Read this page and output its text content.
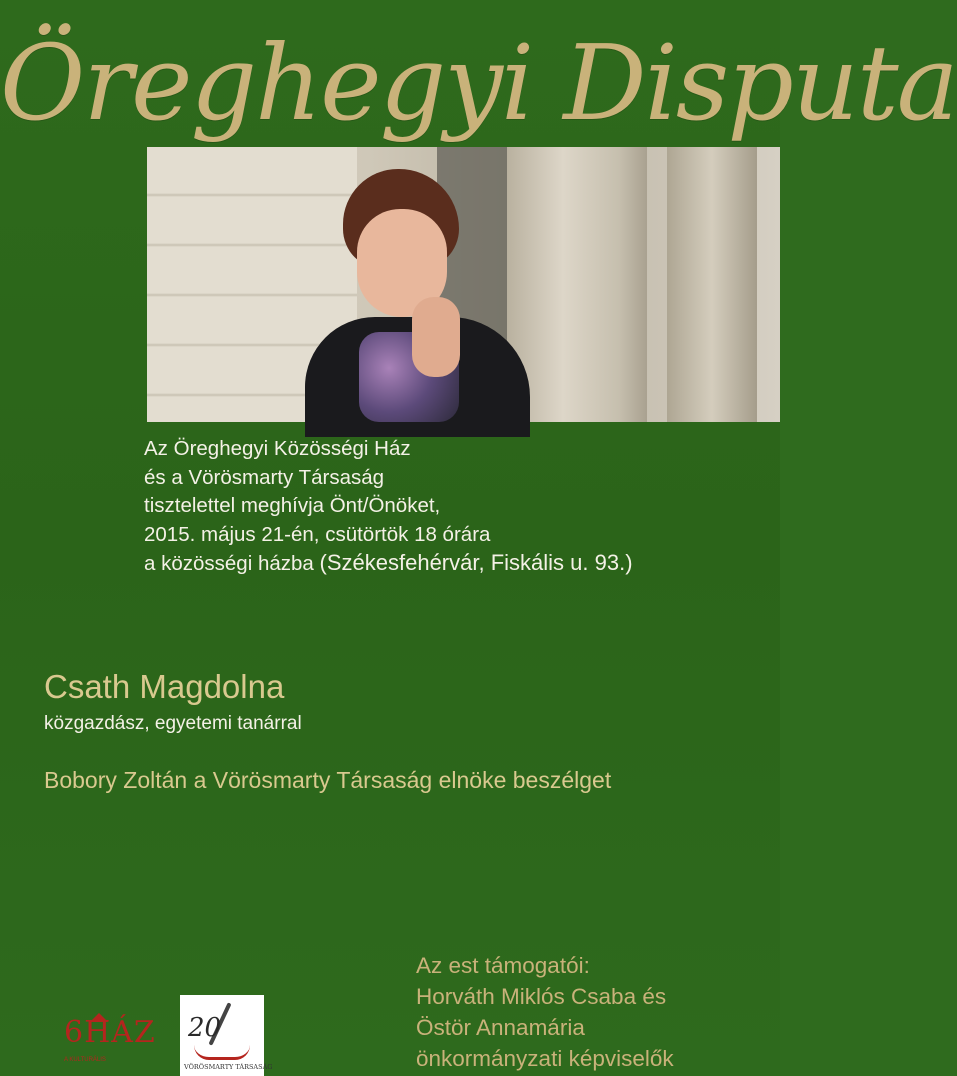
Öreghegyi Disputa
Az Öreghegyi Közösségi Ház
és a Vörösmarty Társaság
tisztelettel meghívja Önt/Önöket,
2015. május 21-én, csütörtök 18 órára
a közösségi házba (Székesfehérvár, Fiskális u. 93.)
Csath Magdolna
közgazdász, egyetemi tanárral
Bobory Zoltán a Vörösmarty Társaság elnöke beszélget
Az est támogatói:
Horváth Miklós Csaba és
Östör Annamária
önkormányzati képviselők
6HÁZ
A KULTURÁLIS
20
VÖRÖSMARTY TÁRSASÁG
